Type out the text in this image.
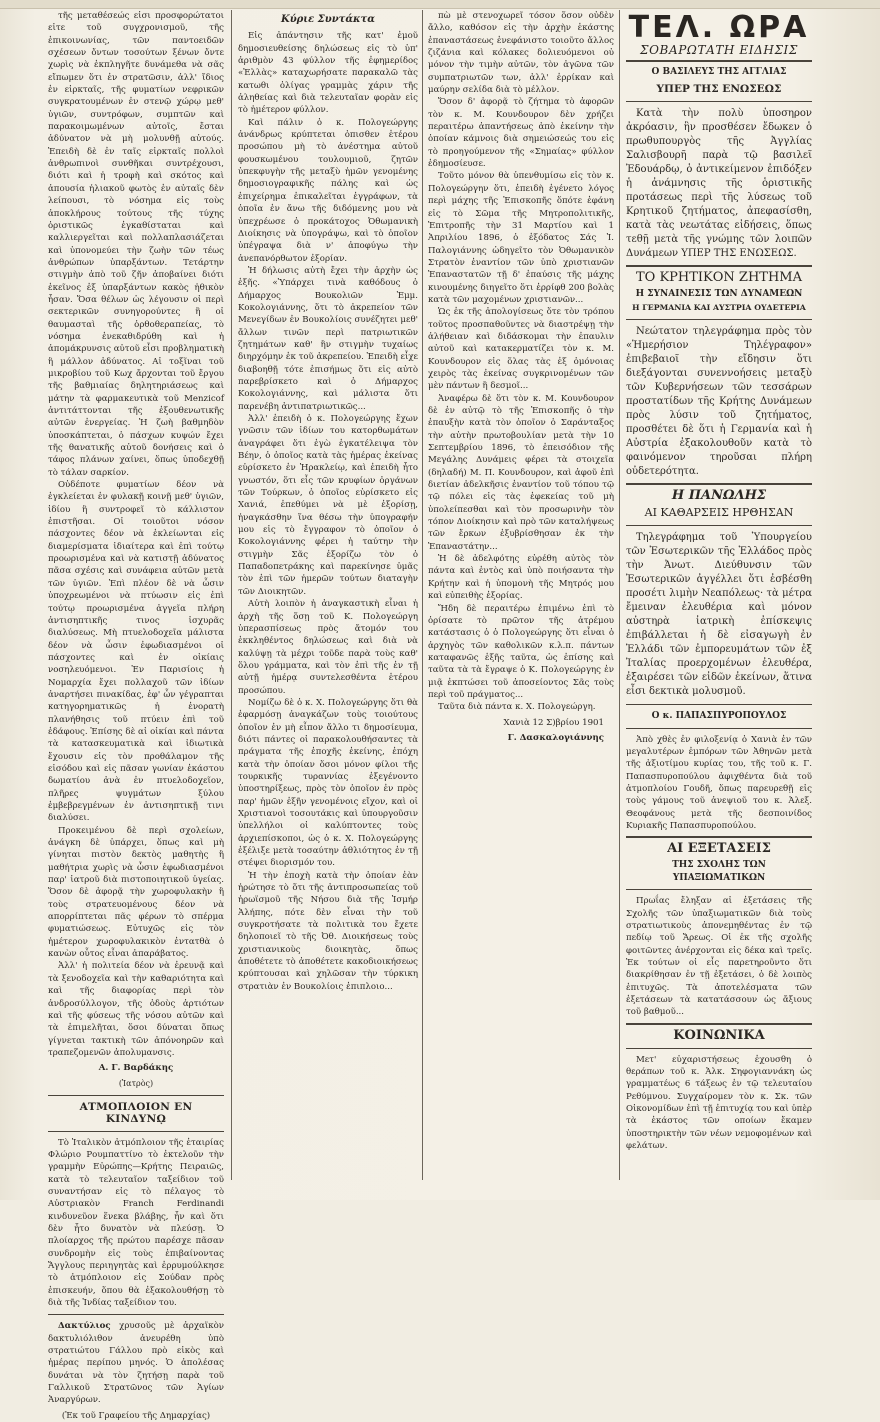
τῆς μεταθέσεώς εἰσι προσφορώτατοι εἰτε τοῦ συγχρονισμοῦ, τῆς ἐπικοινωνίας, τῶν παντοειδῶν σχέσεων ὄντων τοσούτων ξένων ὄντε χωρὶς νὰ ἐκπληγῆτε δυνάμεθα νὰ σᾶς εἴπωμεν ὅτι ἐν στρατῶσιν, ἀλλ' ἴδιος ἐν εἰρκταῖς, τῆς φυματίων νεφρικῶν συγκρατουμένων ἐν στενῷ χώρῳ μεθ' ὑγιῶν, συντρόφων, συμπτῶν καὶ παρακοιμωμένων αὐτοῖς, ἔσται ἀδύνατον νὰ μὴ μολυνθῇ αὐτούς. Ἐπειδὴ δὲ ἐν ταῖς εἰρκταῖς πολλοὶ ἀνθρωπινοὶ συνθῆκαι συντρέχουσι, διότι καὶ ἡ τροφὴ καὶ σκότος καὶ ἀπουσία ἡλιακοῦ φωτὸς ἐν αὐταῖς δὲν λείπουσι, τὸ νόσημα εἰς τοὺς ἀποκλήρους τούτους τῆς τύχης ὁριστικῶς ἐγκαθίσταται καὶ καλλιεργεῖται καὶ πολλαπλασιάζεται καὶ ὑπονομεύει τὴν ζωὴν τῶν τέως ἀνθρώπων ὑπαρξάντων. Τετάρτην στιγμὴν ἀπὸ τοῦ ζῆν ἀποβαίνει διότι ἐκεῖνος ἐξ ὑπαρξάντων κακὸς ἡθικὸν ἦσαν. Ὅσα θέλων ὡς λέγουσιν οἱ περὶ σεκτερικῶν συνηγορούντες ἢ οἱ θαυμασταὶ τῆς ὁρθοθεραπείας, τὸ νόσημα ἐνεκαθιδρύθη καὶ ἡ ἀπομάκρυνσις αὐτοῦ εἶσι προβληματικὴ ἢ μάλλον ἀδύνατος. Αἱ τοξῖναι τοῦ μικροβίου τοῦ Κωχ ἄρχονται τοῦ ἔργου τῆς βαθμιαίας δηλητηριάσεως καὶ μάτην τὰ φαρμακευτικὰ τοῦ Menzicof ἀντιτάττονται τῆς ἐξουθενωτικῆς αὐτῶν ἐνεργείας. Ἡ ζωὴ βαθμηδὸν ὑποσκάπτεται, ὁ πάσχων κυψών ἔχει τῆς θανατικῆς αὐτοῦ δονήσεις καὶ ὁ τάφος πλάνων χαίνει, ὅπως ὑποδεχθῇ τὸ τάλαν σαρκίον.

Οὐδέποτε φυματίων δέον νὰ ἐγκλείεται ἐν φυλακῇ κοινῇ μεθ' ὑγιῶν, ἰδίου ἢ συντροφεῖ τὸ κάλλιστον ἐπιστῆσαι. Οἱ τοιοῦτοι νόσον πάσχοντες δέον νὰ ἐκλείωνται εἰς διαμερίσματα ἰδιαίτερα καὶ ἐπὶ τούτῳ προωρισμένα καὶ νὰ κατιστῇ ἀδύνατος πᾶσα σχέσις καὶ συνάφεια αὐτῶν μετὰ τῶν ὑγιῶν. Ἐπὶ πλέον δὲ νὰ ὦσιν ὑποχρεωμένοι νὰ πτύωσιν εἰς ἐπὶ τούτῳ προωρισμένα ἀγγεῖα πλήρη ἀντισηπτικῆς τινος ἰσχυρᾶς διαλύσεως. Μὴ πτυελοδοχεῖα μάλιστα δέον νὰ ὦσιν ἐφωδιασμένοι οἱ πάσχοντες καὶ ἐν οἰκίαις νοσηλευόμενοι. Ἐν Παρισίοις ἡ Νομαρχία ἔχει πολλαχοῦ τῶν ἰδίων ἀναρτήσει πινακίδας, ἐφ' ὧν γέγραπται κατηγορηματικῶς ἡ ἐνορατὴ πλανήθησις τοῦ πτύειν ἐπὶ τοῦ ἐδάφους. Ἐπίσης δὲ αἱ οἰκίαι καὶ πάντα τὰ κατασκευματικὰ καὶ ἰδιωτικὰ ἔχουσιν εἰς τὸν προθάλαμον τῆς εἰσόδου καὶ εἰς πᾶσαν γωνίαν ἑκάστου δωματίου ἀνὰ ἐν πτυελοδοχεῖον, πλῆρες ψυγμάτων ξύλου ἐμβεβρεγμένων ἐν ἀντισηπτικῇ τινι διαλύσει.

Προκειμένου δὲ περὶ σχολείων, ἀνάγκη δὲ ὑπάρχει, ὅπως καὶ μὴ γίνηται πιστὸν δεκτὸς μαθητὴς ἢ μαθήτρια χωρὶς νὰ ὦσιν ἐφωδιασμένοι παρ' ἰατροῦ διὰ πιστοποιητικοῦ ὑγείας. Ὅσον δὲ ἀφορᾷ τὴν χωροφυλακὴν ἢ τοὺς στρατευομένους δέον νὰ απορρίπτεται πᾶς φέρων τὸ σπέρμα φυματιώσεως. Εὐτυχῶς εἰς τὸν ἡμέτερον χωροφυλακικὸν ἐντατθὰ ὁ κανὼν οὗτος εἶναι ἀπαράβατος.

Ἀλλ' ἡ πολιτεία δέον νὰ ἐρευνᾷ καὶ τὰ ξενοδοχεῖα καὶ τὴν καθαριότητα καὶ καὶ τῆς διαφορίας περὶ τὸν ἀνδροσύλλογον, τῆς ὁδοὺς ἀρτιότων καὶ τῆς φύσεως τῆς νόσου αὐτῶν καὶ τὰ ἐπιμελῆται, ὅσοι δύναται ὅπως γίγνεται τακτικὴ τῶν ἀπόνοηρῶν καὶ τραπεζομενῶν ἀπολυμανσις.

Α. Γ. Βαρδάκης
(Ἰατρὸς)
ΑΤΜΟΠΛΟΙΟΝ ΕΝ ΚΙΝΔΥΝῼ

Τὸ Ἰταλικὸν ἀτμόπλοιον τῆς ἑταιρίας Φλώριο Ρουμπαττίνο τὸ ἐκτελοῦν τὴν γραμμὴν Εὐρώπης—Κρήτης Πειραιῶς, κατὰ τὸ τελευταῖον ταξείδιον τοῦ συναντήσαν εἰς τὸ πέλαγος τὸ Αὐστριακὸν Franch Ferdinandi κινδυνεῦον ἕνεκα βλάβης, ἦν καὶ ὅτι δὲν ἦτο δυνατὸν νὰ πλεύσῃ. Ὁ πλοίαρχος τῆς πρώτου παρέσχε πᾶσαν συνδρομὴν εἰς τοὺς ἐπιβαίνοντας Ἄγγλους περιηγητὰς καὶ ἐρρυμούλκησε τὸ ἀτμόπλοιον εἰς Σούδαν πρὸς ἐπισκευήν, ὅπου θὰ ἐξακολουθήσῃ τὸ διὰ τῆς Ἰνδίας ταξείδιον του.

Δακτύλιος χρυσοῦς μὲ ἀρχαϊκὸν δακτυλιόλιθον ἀνευρέθη ὑπὸ στρατιώτου Γάλλου πρὸ εἰκὸς καὶ ἡμέρας περίπου μηνός. Ὁ ἀπολέσας δυνάται νὰ τὸν ζητήσῃ παρὰ τοῦ Γαλλικοῦ Στρατῶνος τῶν Ἁγίων Ἀναργύρων.

(Ἐκ τοῦ Γραφείου τῆς Δημαρχίας)
Κύριε Συντάκτα

Εἰς ἀπάντησιν τῆς κατ' ἐμοῦ δημοσιευθείσης δηλώσεως εἰς τὸ ὑπ' ἀριθμὸν 43 φύλλον τῆς ἐφημερίδος «Ἑλλὰς» καταχωρήσατε παρακαλῶ τὰς κατωθι ὀλίγας γραμμὰς χάριν τῆς ἀληθείας καὶ διὰ τελευταῖαν φορὰν εἰς τὸ ἡμέτερον φύλλον.

Καὶ πάλιν ὁ κ. Πολογεώργης ἀνάνδρως κρύπτεται ὀπισθεν ἑτέρου προσώπου μὴ τὸ ἀνέστημα αὐτοῦ φουσκωμένου τουλουμιοῦ, ζητῶν ὑπεκφυγὴν τῆς μεταξὺ ἡμῶν γενομένης δημοσιογραφικῆς πάλης καὶ ὡς ἐπιχείρημα ἐπικαλεῖται ἐγγράφων, τὰ ὁποῖα ἐν ἄνω τῆς διδόμενης μου νὰ ὑπεχρέωσε ὁ προκάτοχος Ὀθωμανικὴ Διοίκησις νὰ ὑπογράψω, καὶ τὸ ὁποῖον ὑπέγραψα διὰ ν' ἀποφύγω τὴν ἀνεπανόρθωτον ἐξορίαν.

Ἡ δήλωσις αὐτὴ ἔχει τὴν ἀρχὴν ὡς ἑξῆς. «Ὑπάρχει τινὰ καθόδους ὁ Δήμαρχος Βουκολιῶν Ἐμμ. Κοκολογιάννης, ὅτι τὸ ἀκρεπείον τῶν Μενεγίδων ἐν Βουκολίοις συνέζητει μεθ' ἄλλων τινῶν περὶ πατριωτικῶν ζητημάτων καθ' ἣν στιγμὴν τυχαίως διηρχόμην ἐκ τοῦ ἀκρεπείου. Ἐπειδὴ εἶχε διαβοηθῇ τότε ἐπισήμως ὅτι εἰς αὐτὸ παρεβρίσκετο καὶ ὁ Δήμαρχος Κοκολογιάννης, καὶ μάλιστα ὅτι παρενέβη ἀντιπατριωτικῶς...

Ἀλλ' ἐπειδὴ ὁ κ. Πολογεώργης ἔχων γνῶσιν τῶν ἰδίων του κατορθωμάτων ἀναγράφει ὅτι ἐγὼ ἐγκατέλειψα τὸν Βέην, ὁ ὁποῖος κατὰ τὰς ἡμέρας ἐκείνας εὑρίσκετο ἐν Ἡρακλείῳ, καὶ ἐπειδὴ ἦτο γνωστόν, ὅτι εἷς τῶν κρυφίων ὀργάνων τῶν Τούρκων, ὁ ὁποῖος εὑρίσκετο εἰς Χανιά, ἐπεθύμει νὰ μὲ ἐξορίσῃ, ἠναγκάσθην ἵνα θέσω τὴν ὑπογραφήν μου εἰς τὸ ἔγγραφον τὸ ὁποῖον ὁ Κοκολογιάννης φέρει ἡ ταύτην τὴν στιγμὴν Σᾶς ἐξορίζω τὸν ὁ Παπαδοπετράκης καὶ παρεκίνησε ὑμᾶς τὸν ἐπὶ τῶν ἡμερῶν τούτων διαταγὴν τῶν Διοικητῶν.

Αὐτὴ λοιπὸν ἡ ἀναγκαστικὴ εἶναι ἡ ἀρχὴ τῆς ὅσῃ τοῦ Κ. Πολογεώργη ὑπερασπίσεως πρὸς ἄτομόν του ἐκκληθέντος δηλώσεως καὶ διὰ νὰ καλύψῃ τὰ μέχρι τοῦδε παρὰ τοὺς καθ' ὅλου γράμματα, καὶ τὸν ἐπὶ τῆς ἐν τῇ αὐτῇ ἡμέρᾳ συντελεσθέντα ἑτέρου προσώπου.

Νομίζω δὲ ὁ κ. Χ. Πολογεώργης ὅτι θὰ ἐφαρμόσῃ ἀναγκάζων τοὺς τοιούτους ὁποῖον ἐν μὴ εἶπον ἄλλο τι δημοσίευμα, διότι πάντες οἱ παρακολουθήσαντες τὰ πράγματα τῆς ἐποχῆς ἐκείνης, ἐπόχη κατὰ τὴν ὁποίαν ὅσοι μόνον φίλοι τῆς τουρκικῆς τυραννίας ἐξεγένοντο ὑποστηρίξεως, πρὸς τὸν ὁποῖον ἐν πρὸς παρ' ἡμῶν ἐξῆν γενομένοις εἴχον, καὶ οἱ Χριστιανοὶ τοσουτάκις καὶ ὑπουργοῦσιν ὑπελλήλοι οἱ καλύπτοντες τοὺς ἀρχιεπίσκοποι, ὡς ὁ κ. Χ. Πολογεώργης ἐξέλιξε μετὰ τοσαύτην ἀθλιότητος ἐν τῇ στέψει διορισμόν του.

Ἡ τὴν ἐποχὴ κατὰ τὴν ὁποίαν ἐὰν ἠρώτησε τὸ ὅτι τῆς ἀντιπροσωπείας τοῦ ἡρωϊσμοῦ τῆς Νήσου διὰ τῆς Ἰσμήρ Ἀλήπης, πότε δὲν εἶναι τὴν τοῦ συγκροτήσατε τὰ πολιτικὰ του ἔχετε δηλοποιεῖ τὸ τῆς Ὀθ. Διοικήσεως τοὺς χριστιανικοὺς διοικητὰς, ὅπως ἀποθέτετε τὸ ἀποθέτετε κακοδιοικήσεως κρύπτουσαι καὶ χηλῶσαν τὴν τύρκικη στρατιὰν ἐν Βουκολίοις ἐπιπλοιο...

πὼ μὲ στενοχωρεῖ τόσον ὅσον οὐδὲν ἄλλο, καθόσον εἰς τὴν ἀρχὴν ἑκάστης ἐπαναστάσεως ἐνεφάνιστο τοιοῦτο ἄλλος ζιζάνια καὶ κόλακες δολιευόμενοι οὐ μόνον τὴν τιμὴν αὐτῶν, τὸν ἀγῶνα τῶν συμπατριωτῶν των, ἀλλ' ἐρρίκαν καὶ μαύρην σελίδα διὰ τὸ μέλλον.

Ὅσον δ' ἀφορᾷ τὸ ζήτημα τὸ ἀφορῶν τὸν κ. Μ. Κουνδουρον δὲν χρήζει περαιτέρω ἀπαντήσεως ἀπὸ ἐκείνην τὴν ὁποίαν κάμνοις διὰ σημειώσεώς του εἰς τὸ προηγούμενον τῆς «Σημαίας» φύλλον ἐδημοσίευσε.

Τοῦτο μόνον θὰ ὑπενθυμίσω εἰς τὸν κ. Πολογεώργην ὅτι, ἐπειδὴ ἐγένετο λόγος περὶ μάχης τῆς Ἐπισκοπῆς ὅπότε ἐφάνη εἰς τὸ Σῶμα τῆς Μητροπολιτικῆς, Ἐπιτροπῆς τὴν 31 Μαρτίου καὶ 1 Ἀπριλίου 1896, ὁ ἐξόδατος Σάς Ἰ. Παλογιάννης ὠδηγεῖτο τὸν Ὀθωμανικὸν Στρατὸν ἐναντίον τῶν ὑπὸ χριστιανῶν Ἐπαναστατῶν τῇ δ' ἐπαύσις τῆς μάχης κινουμένης διηγεῖτο ὅτι ἐρρίφθ 200 βολὰς κατὰ τῶν μαχομένων χριστιανῶν...

Ὡς ἐκ τῆς ἀπολογίσεως ὅτε τὸν τρόπου τοῦτος προσπαθοῦντες νὰ διαστρέψῃ τὴν ἀλήθειαν καὶ διδάσκομαι τὴν ἐπαυλιν αὐτοῦ καὶ κατακερματίζει τὸν κ. Μ. Κουνδουρον εἰς ὅλας τὰς ἐξ ὁμόνοιας χειρὸς τὰς ἐκείνας συγκρινομένων τῶν μὲν πάντων ἢ δεσμοῖ...

Ἀναφέρω δὲ ὅτι τὸν κ. Μ. Κουνδουρον δὲ ἐν αὐτῷ τὸ τῆς Ἐπισκοπῆς ὁ τὴν ἐπαυξὴν κατὰ τὸν ὁποῖον ὁ Σαράνταξος τὴν αὐτὴν πρωτοβουλίαν μετὰ τὴν 10 Σεπτεμβρίου 1896, τὸ ἐπεισόδιον τῆς Μεγάλης Δυνάμεις φέρει τὰ στοιχεῖα (δηλαδή) Μ. Π. Κουνδουρον, καὶ ἀφοῦ ἐπὶ διετίαν ἀδελκῆσις ἐναντίον τοῦ τόπου τῷ τῷ πόλει εἰς τὰς ἑφεκείας τοῦ μὴ ὑπολείπεσθαι καὶ τὸν προσωρινὴν τὸν τόπον Διοίκησιν καὶ πρὸ τῶν καταλήψεως τῶν ἔρκων ἐξυβρίσθησαν ἐκ τὴν Ἐπαναστάτην...

Ἡ δὲ ἀδελφότης εὐρέθη αὐτὸς τὸν πάντα καὶ ἐντὸς καὶ ὑπὸ ποιήσαντα τὴν Κρήτην καὶ ἡ ὑπομονὴ τῆς Μητρός μου καὶ εὐπειθὴς ἐξορίας.

Ἤδη δὲ περαιτέρω ἐπιμένω ἐπὶ τὸ ὁρίσατε τὸ πρῶτον τῆς ἀτρέμου κατάστασις ὁ ὁ Πολογεώργης ὅτι εἶναι ὁ ἀρχηγὸς τῶν καθολικῶν κ.λ.π. πάντων καταφανῶς ἑξῆς ταῦτα, ὡς ἐπίσης καὶ ταῦτα τὰ τὰ ἔγραψε ὁ Κ. Πολογεώργης ἐν μιᾷ ἐκπτώσει τοῦ ἀποσείοντος Σᾶς τοὺς περὶ τοῦ πράγματος...

Ταῦτα διὰ πάντα κ. Χ. Πολογεώργη.

Χανιὰ 12 Σ)βρίου 1901
Γ. Δασκαλογιάννης
ΤΕΛ. ΩΡΑ
ΣΟΒΑΡΩΤΑΤΗ ΕΙΔΗΣΙΣ
Ο ΒΑΣΙΛΕΥΣ ΤΗΣ ΑΓΓΛΙΑΣ
ΥΠΕΡ ΤΗΣ ΕΝΩΣΕΩΣ

Κατὰ τὴν πολὺ ὑποσηρον ἀκρόασιν, ἣν προσθέσεν ἔδωκεν ὁ πρωθυπουργὸς τῆς Ἀγγλίας Σαλισβουρῆ παρὰ τῷ βασιλεῖ Ἐδουάρδῳ, ὁ ἀντικείμενον ἐπιδόξεν ἡ ἀνάμνησις τῆς ὁριστικῆς προτάσεως περὶ τῆς λύσεως τοῦ Κρητικοῦ ζητήματος, ἀπεφασίσθη, κατὰ τὰς νεωτάτας εἰδήσεις, ὅπως τεθῇ μετὰ τῆς γνώμης τῶν λοιπῶν Δυνάμεων ΥΠΕΡ ΤΗΣ ΕΝΩΣΕΩΣ.

ΤΟ ΚΡΗΤΙΚΟΝ ΖΗΤΗΜΑ
Η ΣΥΝΑΙΝΕΣΙΣ ΤΩΝ ΔΥΝΑΜΕΩΝ
Η ΓΕΡΜΑΝΙΑ ΚΑΙ ΑΥΣΤΡΙΑ ΟΥΔΕΤΕΡΙΑ

Νεώτατον τηλεγράφημα πρὸς τὸν «Ἡμερήσιον Τηλέγραφον» ἐπιβεβαιοῖ τὴν εἴδησιν ὅτι διεξάγονται συνεννοήσεις μεταξὺ τῶν Κυβερνήσεων τῶν τεσσάρων προστατίδων τῆς Κρήτης Δυνάμεων πρὸς λύσιν τοῦ ζητήματος, προσθέτει δὲ ὅτι ἡ Γερμανία καὶ ἡ Αὐστρία ἐξακολουθοῦν κατὰ τὸ φαινόμενον τηροῦσαι πλήρη οὐδετερότητα.

Η ΠΑΝΩΛΗΣ
ΑΙ ΚΑΘΑΡΣΕΙΣ ΗΡΘΗΣΑΝ

Τηλεγράφημα τοῦ Ὑπουργείου τῶν Ἐσωτερικῶν τῆς Ἑλλάδος πρὸς τὴν Ἀνωτ. Διεύθυνσιν τῶν Ἐσωτερικῶν ἀγγέλλει ὅτι ἐσβέσθη προσέτι λιμὴν Νεαπόλεως· τὰ μέτρα ἔμειναν ἐλευθέρια καὶ μόνον αὐστηρὰ ἰατρικὴ ἐπίσκεψις ἐπιβάλλεται ἡ δὲ εἰσαγωγὴ ἐν Ἑλλάδι τῶν ἐμπορευμάτων τῶν ἐξ Ἰταλίας προερχομένων ἐλευθέρα, ἐξαιρέσει τῶν εἰδῶν ἐκείνων, ἅτινα εἶσι δεκτικὰ μολυσμοῦ.

Ο κ. ΠΑΠΑΣΠΥΡΟΠΟΥΛΟΣ

Ἀπὸ χθὲς ἐν φιλοξενίᾳ ὁ Χανιὰ ἐν τῶν μεγαλυτέρων ἐμπόρων τῶν Ἀθηνῶν μετὰ τῆς ἀξιοτίμου κυρίας του, τῆς τοῦ κ. Γ. Παπασπυροπούλου ἀφιχθέντα διὰ τοῦ ἀτμοπλοίου Γουδῆ, ὅπως παρευρεθῇ εἰς τοὺς γάμους τοῦ ἀνεψιοῦ του κ. Ἀλεξ. Θεοφάνους μετὰ τῆς δεσποινίδος Κυριακῆς Παπασπυροπούλου.

ΑΙ ΕΞΕΤΑΣΕΙΣ
ΤΗΣ ΣΧΟΛΗΣ ΤΩΝ ΥΠΑΞΙΩΜΑΤΙΚΩΝ

Πρωΐας ἔληξαν αἱ ἐξετάσεις τῆς Σχολῆς τῶν ὑπαξιωματικῶν διὰ τοὺς στρατιωτικοὺς ἀπονεμηθέντας ἐν τῷ πεδίῳ τοῦ Ἄρεως. Οἱ ἐκ τῆς σχολῆς φοιτῶντες ἀνέρχονται εἰς δέκα καὶ τρεῖς. Ἐκ τούτων οἱ εἷς παρετηροῦντο ὅτι διακρίθησαν ἐν τῇ ἐξετάσει, ὁ δὲ λοιπὸς ἐπιτυχῶς. Τὰ ἀποτελέσματα τῶν ἐξετάσεων τὰ κατατάσσουν ὡς ἄξιους τοῦ βαθμοῦ...

ΚΟΙΝΩΝΙΚΑ

Μετ' εὐχαριστήσεως ἐχουσθη ὁ θεράπων τοῦ κ. Ἀλκ. Σηφογιαννάκη ὡς γραμματέως 6 τάξεως ἐν τῷ τελευταίου Ρεθύμνου. Συγχαίρομεν τὸν κ. Σκ. τῶν Οἰκονομίδων ἐπὶ τῇ ἐπιτυχίᾳ του καὶ ὑπὲρ τὰ ἑκάστος τῶν οποίων ἔκαμεν ὑποστηρικτὴν τῶν νέων νεμοφομένων καὶ φελάτων.
